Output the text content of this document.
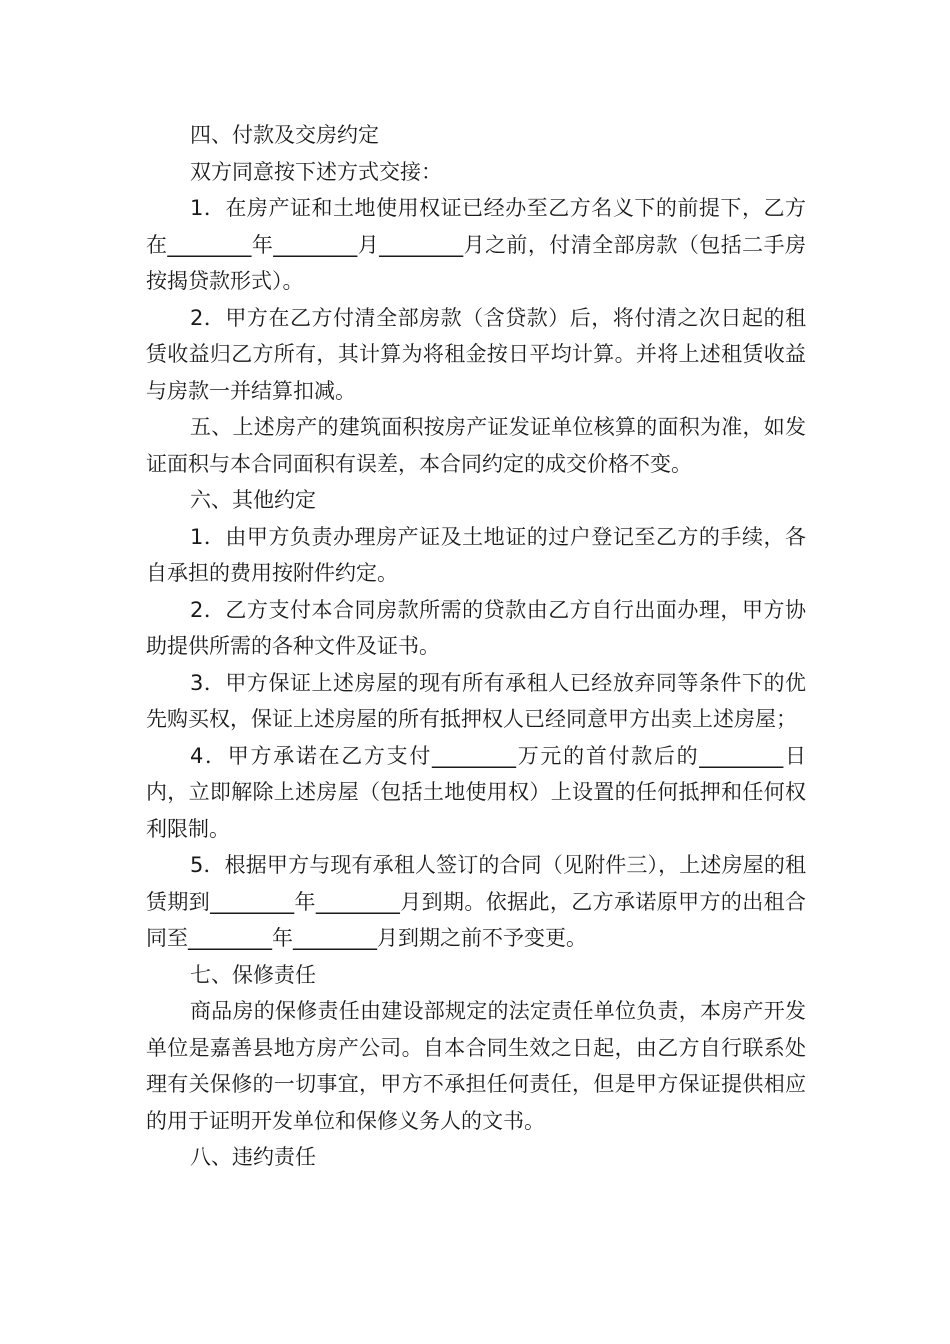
四、付款及交房约定

双方同意按下述方式交接：

1．在房产证和土地使用权证已经办至乙方名义下的前提下，乙方在________年________月________月之前，付清全部房款（包括二手房按揭贷款形式）。

2．甲方在乙方付清全部房款（含贷款）后，将付清之次日起的租赁收益归乙方所有，其计算为将租金按日平均计算。并将上述租赁收益与房款一并结算扣减。

五、上述房产的建筑面积按房产证发证单位核算的面积为准，如发证面积与本合同面积有误差，本合同约定的成交价格不变。

六、其他约定

1．由甲方负责办理房产证及土地证的过户登记至乙方的手续，各自承担的费用按附件约定。

2．乙方支付本合同房款所需的贷款由乙方自行出面办理，甲方协助提供所需的各种文件及证书。

3．甲方保证上述房屋的现有所有承租人已经放弃同等条件下的优先购买权，保证上述房屋的所有抵押权人已经同意甲方出卖上述房屋；

4．甲方承诺在乙方支付________万元的首付款后的________日内，立即解除上述房屋（包括土地使用权）上设置的任何抵押和任何权利限制。

5．根据甲方与现有承租人签订的合同（见附件三），上述房屋的租赁期到________年________月到期。依据此，乙方承诺原甲方的出租合同至________年________月到期之前不予变更。

七、保修责任

商品房的保修责任由建设部规定的法定责任单位负责，本房产开发单位是嘉善县地方房产公司。自本合同生效之日起，由乙方自行联系处理有关保修的一切事宜，甲方不承担任何责任，但是甲方保证提供相应的用于证明开发单位和保修义务人的文书。

八、违约责任
